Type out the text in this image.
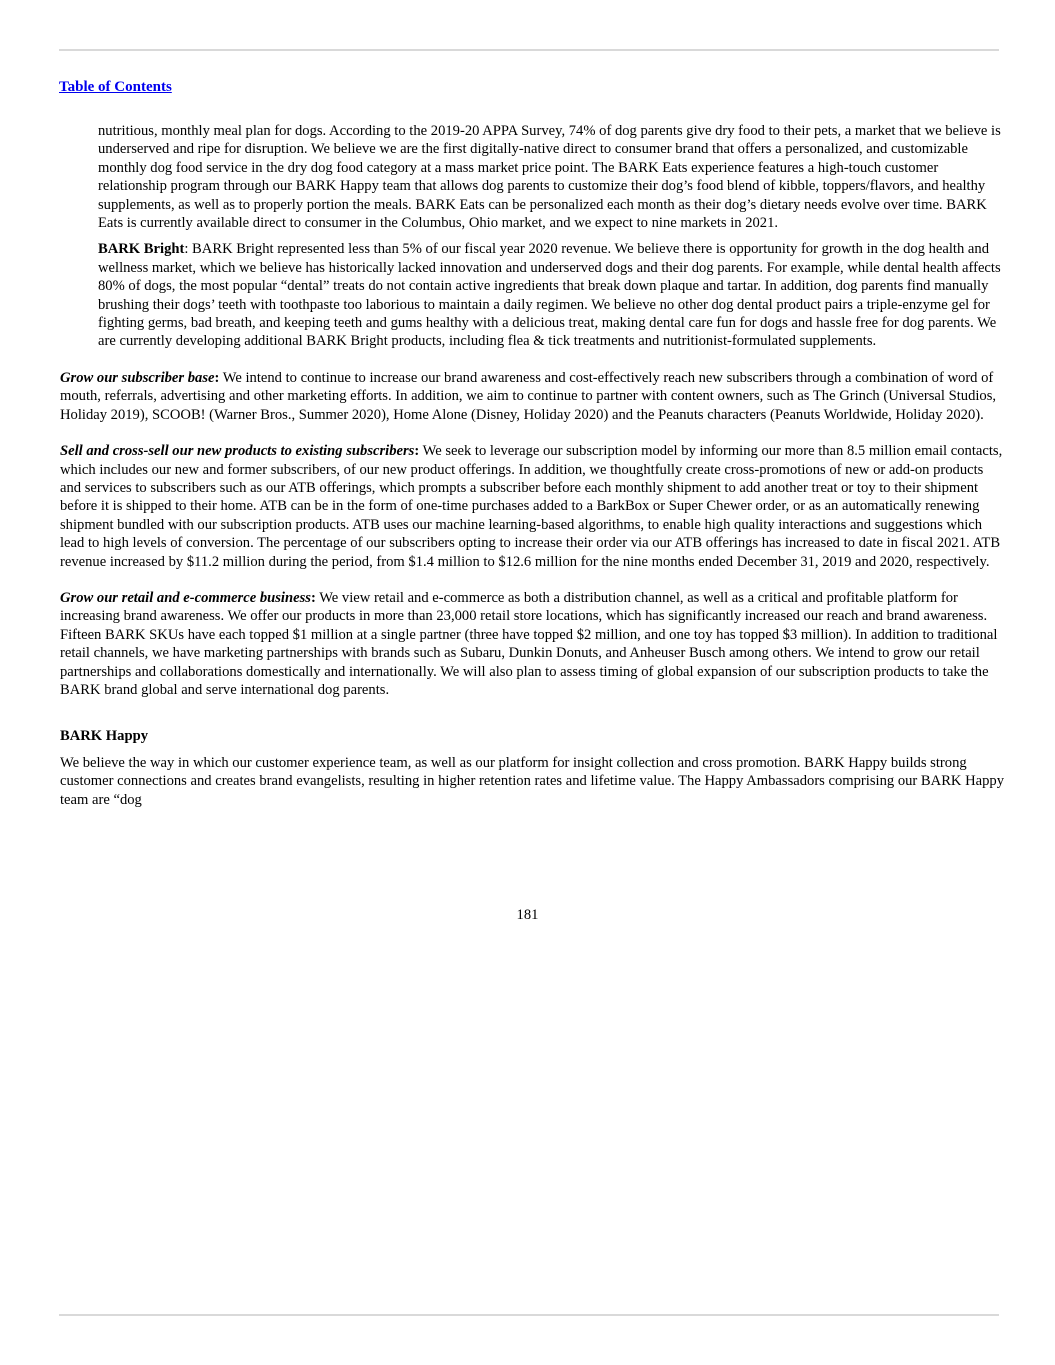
Table of Contents

nutritious, monthly meal plan for dogs. According to the 2019-20 APPA Survey, 74% of dog parents give dry food to their pets, a market that we believe is underserved and ripe for disruption. We believe we are the first digitally-native direct to consumer brand that offers a personalized, and customizable monthly dog food service in the dry dog food category at a mass market price point. The BARK Eats experience features a high-touch customer relationship program through our BARK Happy team that allows dog parents to customize their dog’s food blend of kibble, toppers/flavors, and healthy supplements, as well as to properly portion the meals. BARK Eats can be personalized each month as their dog’s dietary needs evolve over time. BARK Eats is currently available direct to consumer in the Columbus, Ohio market, and we expect to nine markets in 2021.

BARK Bright: BARK Bright represented less than 5% of our fiscal year 2020 revenue. We believe there is opportunity for growth in the dog health and wellness market, which we believe has historically lacked innovation and underserved dogs and their dog parents. For example, while dental health affects 80% of dogs, the most popular “dental” treats do not contain active ingredients that break down plaque and tartar. In addition, dog parents find manually brushing their dogs’ teeth with toothpaste too laborious to maintain a daily regimen. We believe no other dog dental product pairs a triple-enzyme gel for fighting germs, bad breath, and keeping teeth and gums healthy with a delicious treat, making dental care fun for dogs and hassle free for dog parents. We are currently developing additional BARK Bright products, including flea & tick treatments and nutritionist-formulated supplements.

Grow our subscriber base: We intend to continue to increase our brand awareness and cost-effectively reach new subscribers through a combination of word of mouth, referrals, advertising and other marketing efforts. In addition, we aim to continue to partner with content owners, such as The Grinch (Universal Studios, Holiday 2019), SCOOB! (Warner Bros., Summer 2020), Home Alone (Disney, Holiday 2020) and the Peanuts characters (Peanuts Worldwide, Holiday 2020).

Sell and cross-sell our new products to existing subscribers: We seek to leverage our subscription model by informing our more than 8.5 million email contacts, which includes our new and former subscribers, of our new product offerings. In addition, we thoughtfully create cross-promotions of new or add-on products and services to subscribers such as our ATB offerings, which prompts a subscriber before each monthly shipment to add another treat or toy to their shipment before it is shipped to their home. ATB can be in the form of one-time purchases added to a BarkBox or Super Chewer order, or as an automatically renewing shipment bundled with our subscription products. ATB uses our machine learning-based algorithms, to enable high quality interactions and suggestions which lead to high levels of conversion. The percentage of our subscribers opting to increase their order via our ATB offerings has increased to date in fiscal 2021. ATB revenue increased by $11.2 million during the period, from $1.4 million to $12.6 million for the nine months ended December 31, 2019 and 2020, respectively.

Grow our retail and e-commerce business: We view retail and e-commerce as both a distribution channel, as well as a critical and profitable platform for increasing brand awareness. We offer our products in more than 23,000 retail store locations, which has significantly increased our reach and brand awareness. Fifteen BARK SKUs have each topped $1 million at a single partner (three have topped $2 million, and one toy has topped $3 million). In addition to traditional retail channels, we have marketing partnerships with brands such as Subaru, Dunkin Donuts, and Anheuser Busch among others. We intend to grow our retail partnerships and collaborations domestically and internationally. We will also plan to assess timing of global expansion of our subscription products to take the BARK brand global and serve international dog parents.

BARK Happy

We believe the way in which our customer experience team, as well as our platform for insight collection and cross promotion. BARK Happy builds strong customer connections and creates brand evangelists, resulting in higher retention rates and lifetime value. The Happy Ambassadors comprising our BARK Happy team are “dog

181
